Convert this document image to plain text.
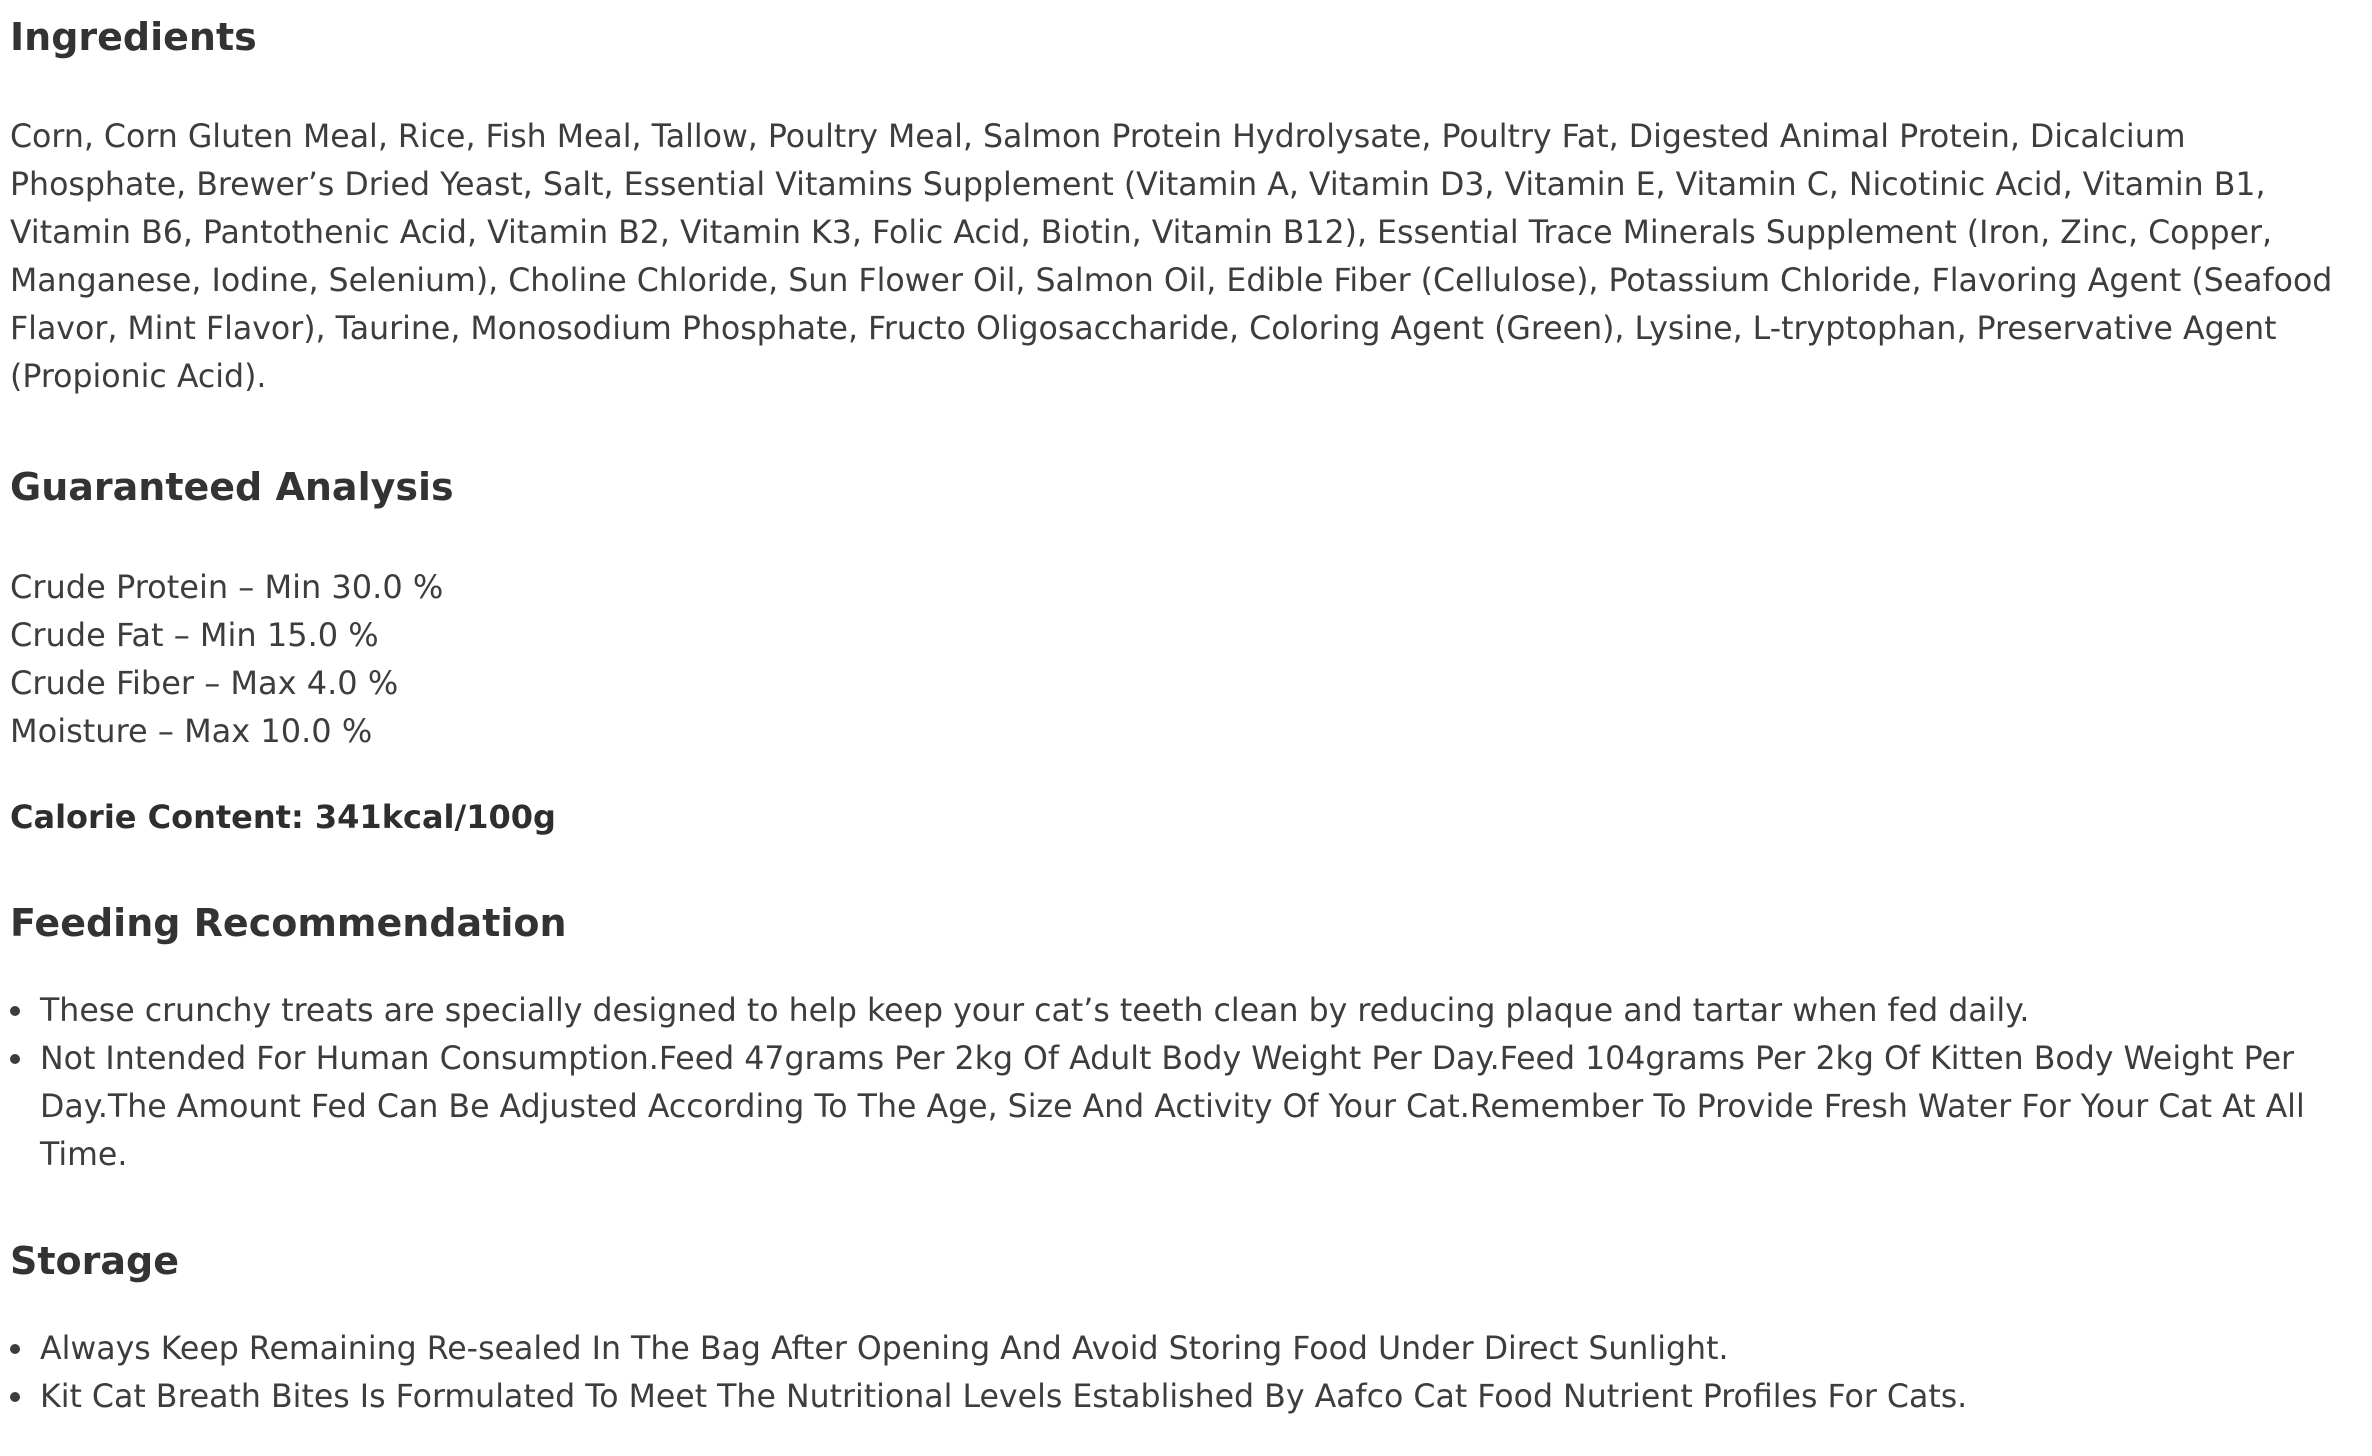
Ingredients

Corn, Corn Gluten Meal, Rice, Fish Meal, Tallow, Poultry Meal, Salmon Protein Hydrolysate, Poultry Fat, Digested Animal Protein, Dicalcium Phosphate, Brewer’s Dried Yeast, Salt, Essential Vitamins Supplement (Vitamin A, Vitamin D3, Vitamin E, Vitamin C, Nicotinic Acid, Vitamin B1, Vitamin B6, Pantothenic Acid, Vitamin B2, Vitamin K3, Folic Acid, Biotin, Vitamin B12), Essential Trace Minerals Supplement (Iron, Zinc, Copper, Manganese, Iodine, Selenium), Choline Chloride, Sun Flower Oil, Salmon Oil, Edible Fiber (Cellulose), Potassium Chloride, Flavoring Agent (Seafood Flavor, Mint Flavor), Taurine, Monosodium Phosphate, Fructo Oligosaccharide, Coloring Agent (Green), Lysine, L-tryptophan, Preservative Agent (Propionic Acid).

Guaranteed Analysis
Crude Protein – Min 30.0 %
Crude Fat – Min 15.0 %
Crude Fiber – Max 4.0 %
Moisture – Max 10.0 %
Calorie Content: 341kcal/100g
Feeding Recommendation
These crunchy treats are specially designed to help keep your cat’s teeth clean by reducing plaque and tartar when fed daily.
Not Intended For Human Consumption.Feed 47grams Per 2kg Of Adult Body Weight Per Day.Feed 104grams Per 2kg Of Kitten Body Weight Per Day.The Amount Fed Can Be Adjusted According To The Age, Size And Activity Of Your Cat.Remember To Provide Fresh Water For Your Cat At All Time.
Storage
Always Keep Remaining Re-sealed In The Bag After Opening And Avoid Storing Food Under Direct Sunlight.
Kit Cat Breath Bites Is Formulated To Meet The Nutritional Levels Established By Aafco Cat Food Nutrient Profiles For Cats.
